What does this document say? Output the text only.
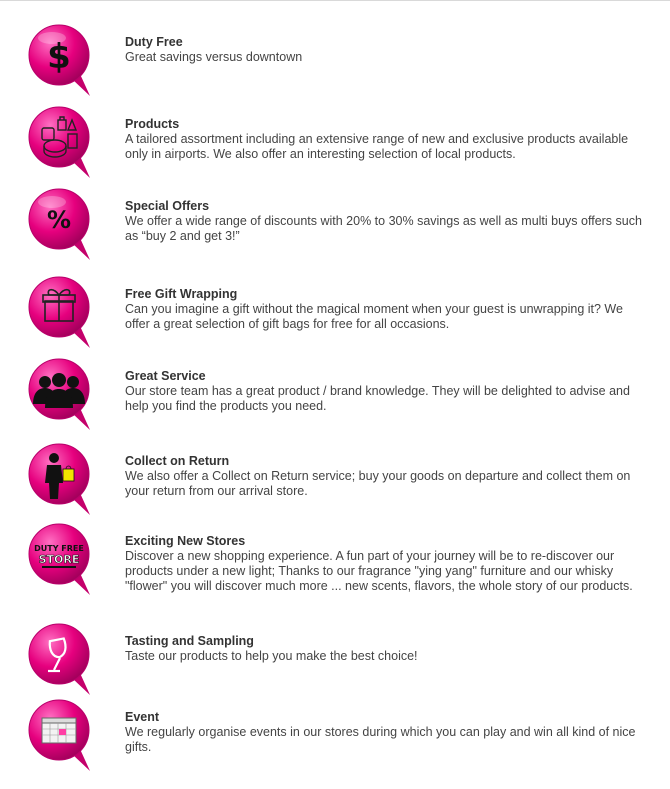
$	Duty Free
Great savings versus downtown
Products
A tailored assortment including an extensive range of new and exclusive products available only in airports. We also offer an interesting selection of local products.
%	Special Offers
We offer a wide range of discounts with 20% to 30% savings as well as multi buys offers such as “buy 2 and get 3!”
Free Gift Wrapping
Can you imagine a gift without the magical moment when your guest is unwrapping it? We offer a great selection of gift bags for free for all occasions.
Great Service
Our store team has a great product / brand knowledge. They will be delighted to advise and help you find the products you need.
Collect on Return
We also offer a Collect on Return service; buy your goods on departure and collect them on your return from our arrival store.
DUTY FREE
STORE
Exciting New Stores
Discover a new shopping experience. A fun part of your journey will be to re-discover our products under a new light; Thanks to our fragrance "ying yang" furniture and our whisky "flower" you will discover much more ... new scents, flavors, the whole story of our products.
Tasting and Sampling
Taste our products to help you make the best choice!
Event
We regularly organise events in our stores during which you can play and win all kind of nice gifts.
